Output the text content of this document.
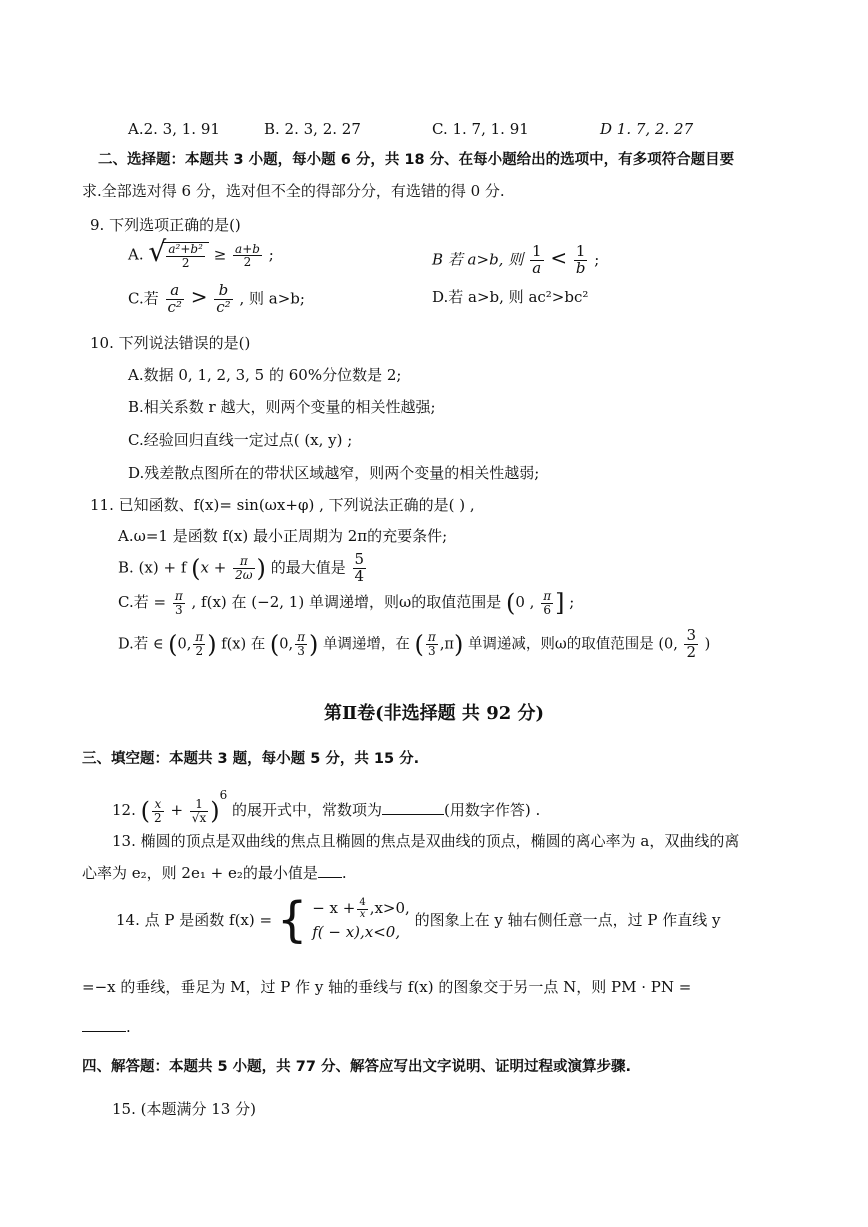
A.2. 3, 1. 91	B. 2. 3, 2. 27	C. 1. 7, 1. 91	D 1. 7, 2. 27
二、选择题：本题共 3 小题，每小题 6 分，共 18 分、在每小题给出的选项中，有多项符合题目要
求.全部选对得 6 分，选对但不全的得部分分，有选错的得 0 分.
9. 下列选项正确的是()
A. √ $\frac{\text{a²+b²}}{2} \ge \frac{a+b}{2}$ ;	B 若 a>b, 则 $\frac{1}{a} < \frac{1}{b}$ ;
C.若 $\frac{a}{\text{c²}} > \frac{b}{\text{c²}}$ , 则 a>b;	D.若 a>b, 则 ac²>bc²
10. 下列说法错误的是()
A.数据 0, 1, 2, 3, 5 的 60%分位数是 2;
B.相关系数 r 越大，则两个变量的相关性越强;
C.经验回归直线一定过点( (x, y) ;
D.残差散点图所在的带状区域越窄，则两个变量的相关性越弱;
11. 已知函数、f(x)= sin(ωx+φ) , 下列说法正确的是( ) ,
A.ω=1 是函数 f(x) 最小正周期为 2π的充要条件;
B. (x) + f ($x + \frac{\pi}{2\omega}$ ) 的最大值是 $\frac{5}{4}$
C.若 = $\frac{\pi}{3}$ , f(x) 在 (−2, 1) 单调递增，则ω的取值范围是 (0 , $\frac{\pi}{6}$ ] ;
D.若 ∈ (0, $\frac{\pi}{2}$ ) f(x) 在 (0, $\frac{\pi}{3}$ ) 单调递增，在 ( $\frac{\pi}{3} ,\pi$) 单调递减，则ω的取值范围是 (0, $\frac{3}{2}$ )
第Ⅱ卷(非选择题 共 92 分)
三、填空题：本题共 3 题，每小题 5 分，共 15 分.
12. ( $\frac{x}{2} + \frac{1}{√x} )^6$ 的展开式中，常数项为	(用数字作答) .
13. 椭圆的顶点是双曲线的焦点且椭圆的焦点是双曲线的顶点，椭圆的离心率为 a，双曲线的离
心率为 e₂，则 2e₁ + e₂的最小值是 .
14. 点 P 是函数 f(x) = { − $x + \frac{4}{x} ,x>0$,
f( − x),x<0,
的图象上在 y 轴右侧任意一点，过 P 作直线 y
=−x 的垂线，垂足为 M，过 P 作 y 轴的垂线与 f(x) 的图象交于另一点 N，则 PM · PN =
.
四、解答题：本题共 5 小题，共 77 分、解答应写出文字说明、证明过程或演算步骤.
15. (本题满分 13 分)
